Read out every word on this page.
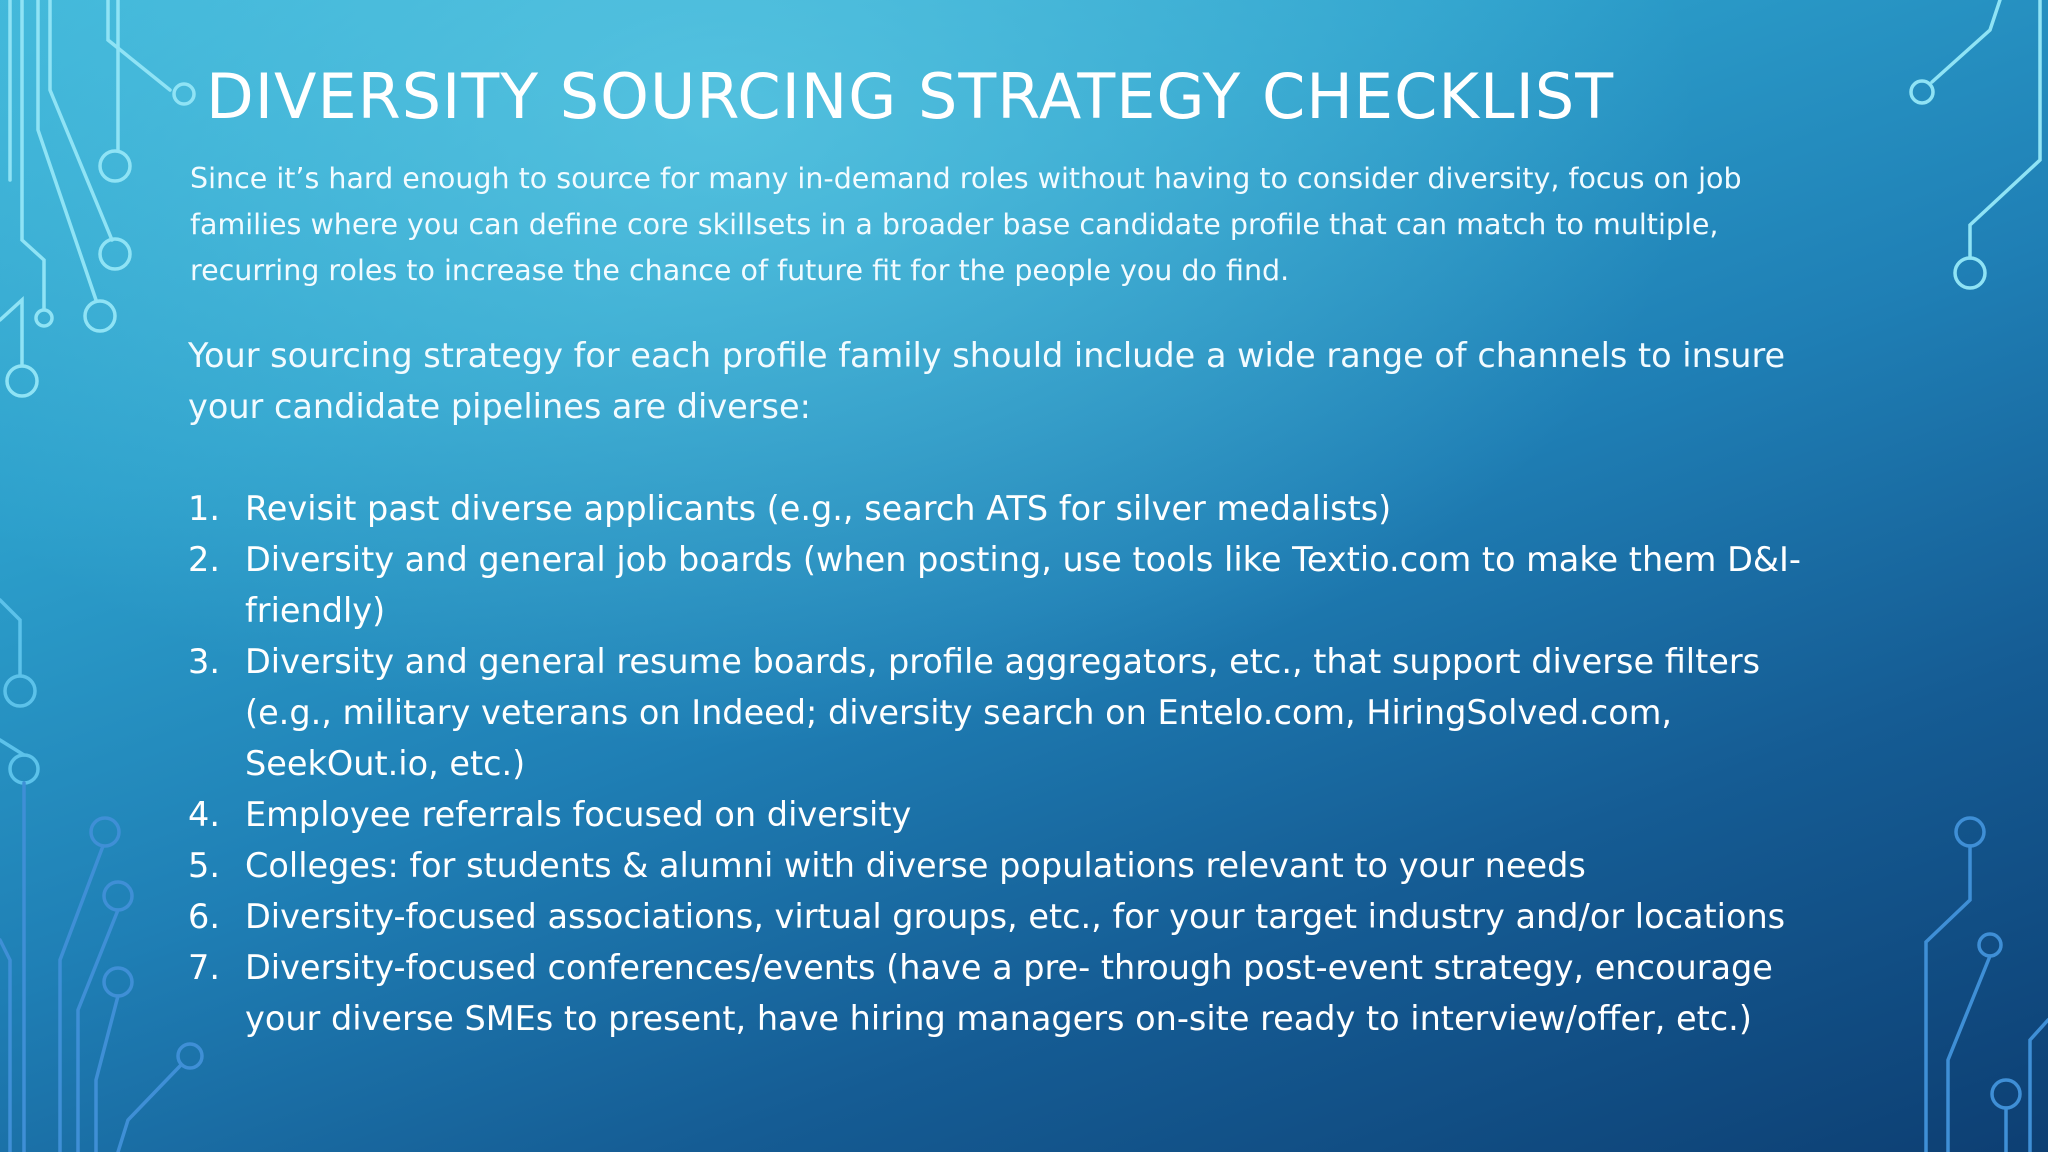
DIVERSITY SOURCING STRATEGY CHECKLIST

Since it’s hard enough to source for many in-demand roles without having to consider diversity, focus on job families where you can define core skillsets in a broader base candidate profile that can match to multiple, recurring roles to increase the chance of future fit for the people you do find.

Your sourcing strategy for each profile family should include a wide range of channels to insure your candidate pipelines are diverse:

1. Revisit past diverse applicants (e.g., search ATS for silver medalists)
2. Diversity and general job boards (when posting, use tools like Textio.com to make them D&I-friendly)
3. Diversity and general resume boards, profile aggregators, etc., that support diverse filters (e.g., military veterans on Indeed; diversity search on Entelo.com, HiringSolved.com, SeekOut.io, etc.)
4. Employee referrals focused on diversity
5. Colleges: for students & alumni with diverse populations relevant to your needs
6. Diversity-focused associations, virtual groups, etc., for your target industry and/or locations
7. Diversity-focused conferences/events (have a pre- through post-event strategy, encourage your diverse SMEs to present, have hiring managers on-site ready to interview/offer, etc.)
